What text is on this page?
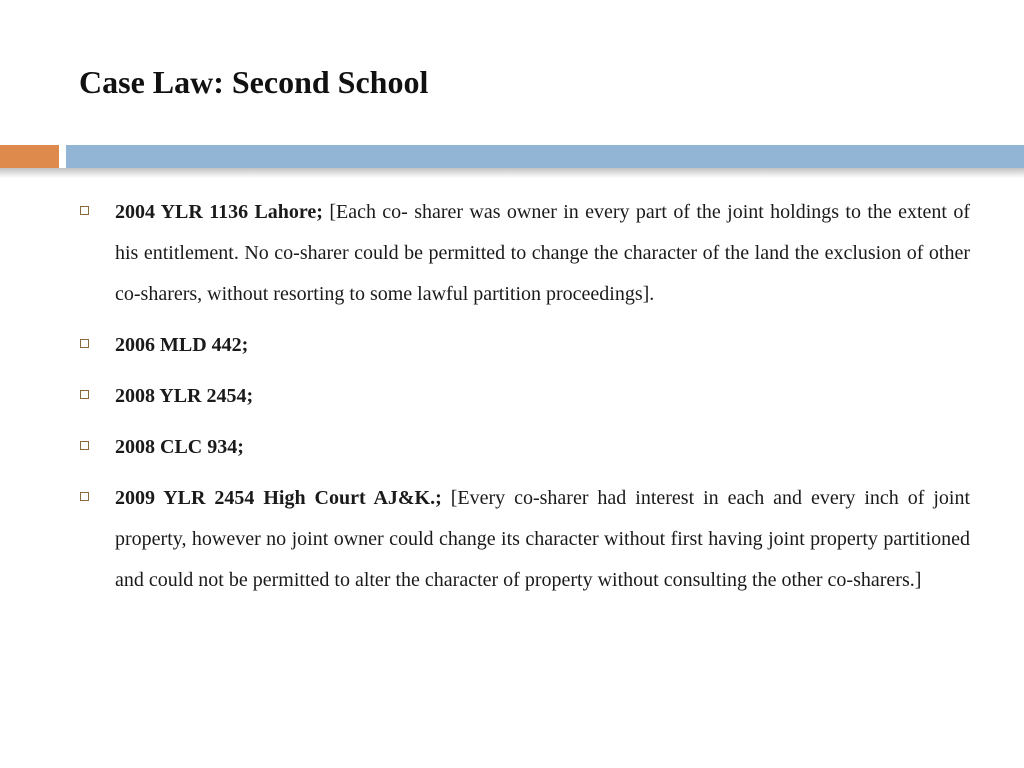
Case Law: Second School
2004 YLR 1136 Lahore; [Each co- sharer was owner in every part of the joint holdings to the extent of his entitlement. No co-sharer could be permitted to change the character of the land the exclusion of other co-sharers, without resorting to some lawful partition proceedings].
2006 MLD 442;
2008 YLR 2454;
2008 CLC 934;
2009 YLR 2454 High Court AJ&K.; [Every co-sharer had interest in each and every inch of joint property, however no joint owner could change its character without first having joint property partitioned and could not be permitted to alter the character of property without consulting the other co-sharers.]
